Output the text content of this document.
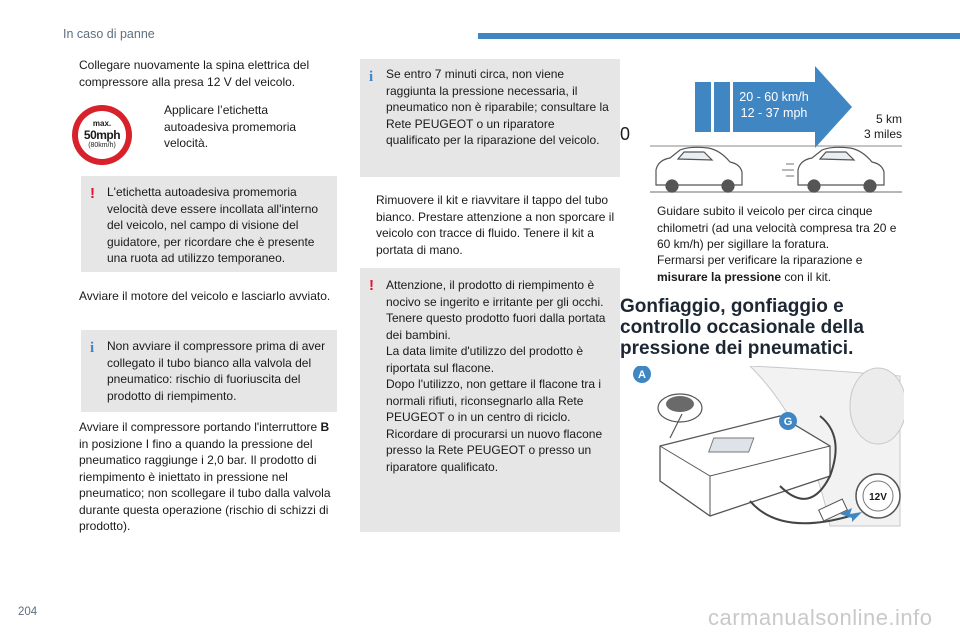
In caso di panne
Collegare nuovamente la spina elettrica del compressore alla presa 12 V del veicolo.
max.
50mph
(80km/h)
Applicare l’etichetta autoadesiva promemoria velocità.
! L'etichetta autoadesiva promemoria velocità deve essere incollata all'interno del veicolo, nel campo di visione del guidatore, per ricordare che è presente una ruota ad utilizzo temporaneo.
Avviare il motore del veicolo e lasciarlo avviato.
i Non avviare il compressore prima di aver collegato il tubo bianco alla valvola del pneumatico: rischio di fuoriuscita del prodotto di riempimento.
Avviare il compressore portando l'interruttore B in posizione I fino a quando la pressione del pneumatico raggiunge i 2,0 bar. Il prodotto di riempimento è iniettato in pressione nel pneumatico; non scollegare il tubo dalla valvola durante questa operazione (rischio di schizzi di prodotto).
i Se entro 7 minuti circa, non viene raggiunta la pressione necessaria, il pneumatico non è riparabile; consultare la Rete PEUGEOT o un riparatore qualificato per la riparazione del veicolo.
Rimuovere il kit e riavvitare il tappo del tubo bianco. Prestare attenzione a non sporcare il veicolo con tracce di fluido. Tenere il kit a portata di mano.
! Attenzione, il prodotto di riempimento è nocivo se ingerito e irritante per gli occhi.
Tenere questo prodotto fuori dalla portata dei bambini.
La data limite d'utilizzo del prodotto è riportata sul flacone.
Dopo l'utilizzo, non gettare il flacone tra i normali rifiuti, riconsegnarlo alla Rete PEUGEOT o in un centro di riciclo.
Ricordare di procurarsi un nuovo flacone presso la Rete PEUGEOT o presso un riparatore qualificato.
20 - 60 km/h
12 - 37 mph
0
5 km
3 miles
Guidare subito il veicolo per circa cinque chilometri (ad una velocità compresa tra 20 e 60 km/h) per sigillare la foratura.
Fermarsi per verificare la riparazione e misurare la pressione con il kit.
Gonfiaggio, gonfiaggio e controllo occasionale della pressione dei pneumatici.
A
G
12V
204	carmanualsonline.info
